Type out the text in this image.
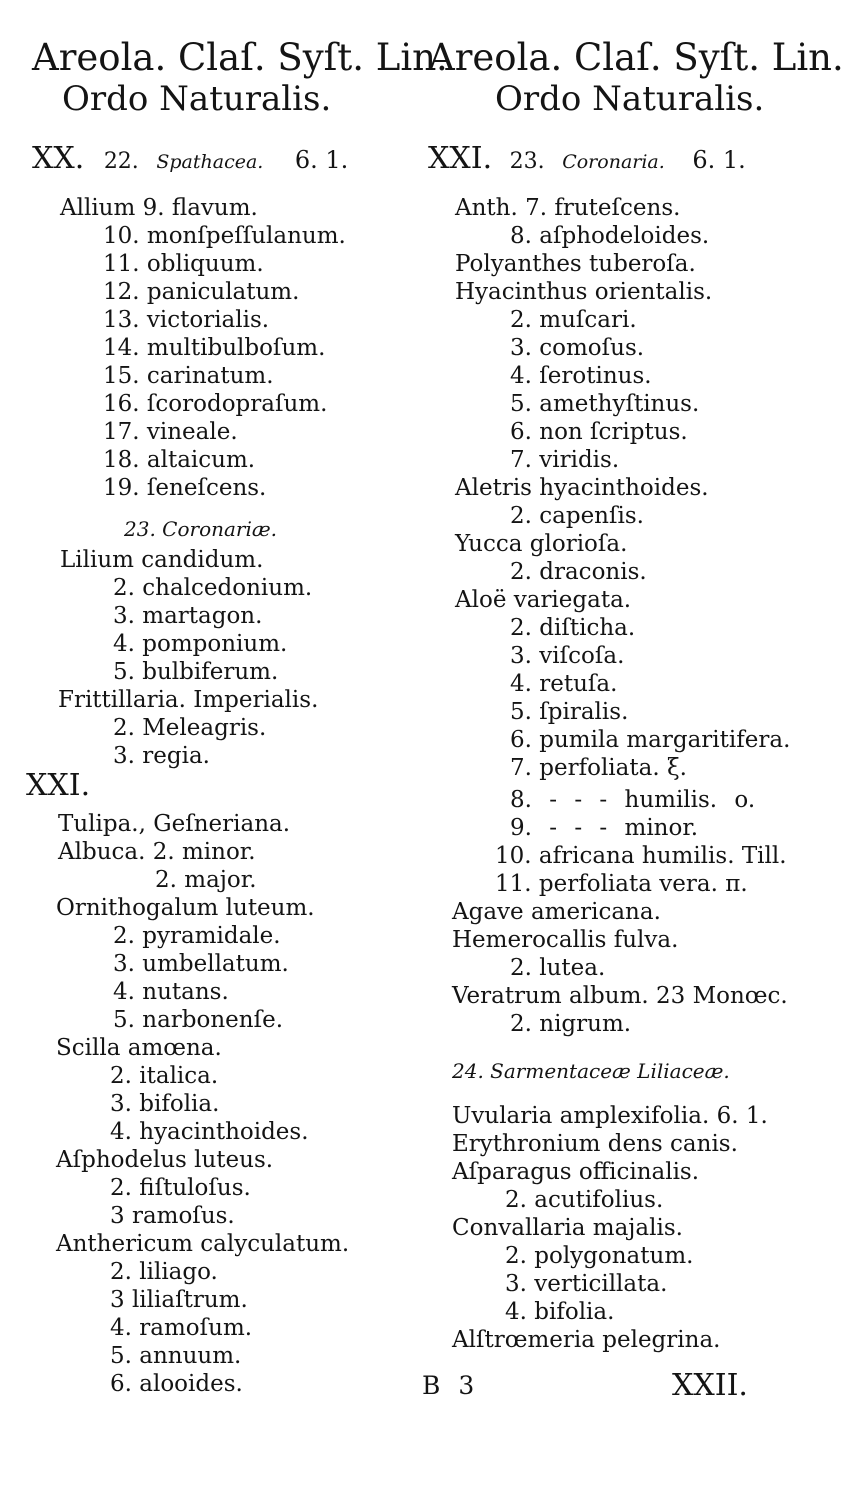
Areola. Claſ. Syſt. Lin.
Ordo Naturalis.
Areola. Claſ. Syſt. Lin.
Ordo Naturalis.
XX. 22. Spathacea. 6. 1.
Allium 9. flavum.
10. monſpeſſulanum.
11. obliquum.
12. paniculatum.
13. victorialis.
14. multibulboſum.
15. carinatum.
16. ſcorodopraſum.
17. vineale.
18. altaicum.
19. ſeneſcens.
23. Coronariæ.
Lilium candidum.
2. chalcedonium.
3. martagon.
4. pomponium.
5. bulbiferum.
Frittillaria. Imperialis.
2. Meleagris.
3. regia.
XXI.
Tulipa., Geſneriana.
Albuca. 2. minor.
2. major.
Ornithogalum luteum.
2. pyramidale.
3. umbellatum.
4. nutans.
5. narbonenſe.
Scilla amœna.
2. italica.
3. bifolia.
4. hyacinthoides.
Aſphodelus luteus.
2. fiſtuloſus.
3 ramoſus.
Anthericum calyculatum.
2. liliago.
3 liliaſtrum.
4. ramoſum.
5. annuum.
6. alooides.
XXI. 23. Coronaria. 6. 1.
Anth. 7. fruteſcens.
8. aſphodeloides.
Polyanthes tuberoſa.
Hyacinthus orientalis.
2. muſcari.
3. comoſus.
4. ſerotinus.
5. amethyſtinus.
6. non ſcriptus.
7. viridis.
Aletris hyacinthoides.
2. capenſis.
Yucca glorioſa.
2. draconis.
Aloë variegata.
2. diſticha.
3. viſcoſa.
4. retuſa.
5. ſpiralis.
6. pumila margaritifera.
7. perfoliata. ξ.
8. - - - humilis. o.
9. - - - minor.
10. africana humilis. Till.
11. perfoliata vera. π.
Agave americana.
Hemerocallis fulva.
2. lutea.
Veratrum album. 23 Monœc.
2. nigrum.
24. Sarmentaceæ Liliaceæ.
Uvularia amplexifolia. 6. 1.
Erythronium dens canis.
Aſparagus officinalis.
2. acutifolius.
Convallaria majalis.
2. polygonatum.
3. verticillata.
4. bifolia.
Alſtrœmeria pelegrina.
B 3	XXII.
